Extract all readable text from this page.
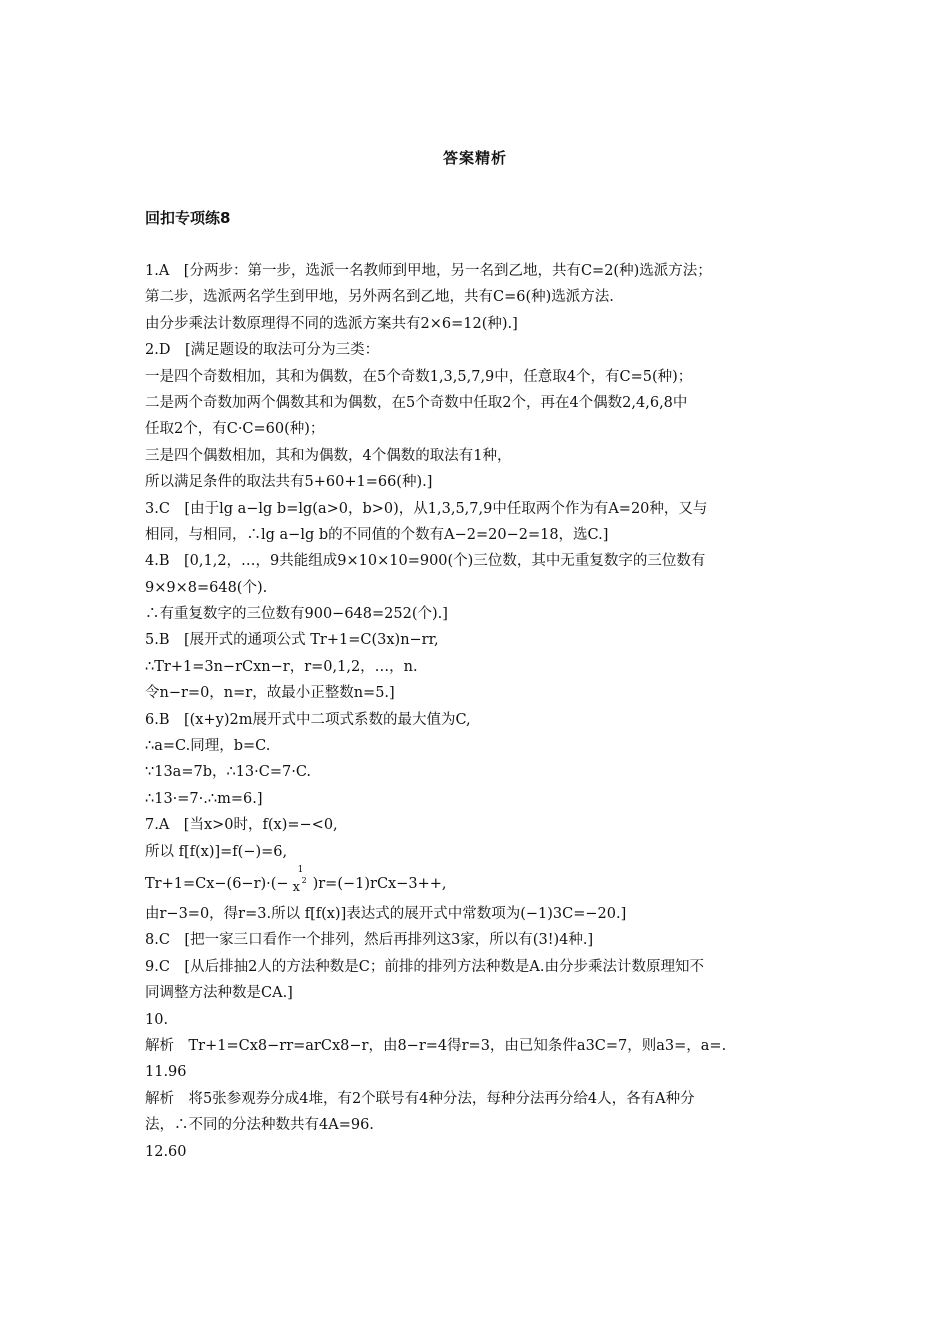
答案精析
回扣专项练8
1.A　[分两步：第一步，选派一名教师到甲地，另一名到乙地，共有C=2(种)选派方法；
第二步，选派两名学生到甲地，另外两名到乙地，共有C=6(种)选派方法.
由分步乘法计数原理得不同的选派方案共有2×6=12(种).]
2.D　[满足题设的取法可分为三类：
一是四个奇数相加，其和为偶数，在5个奇数1,3,5,7,9中，任意取4个，有C=5(种)；
二是两个奇数加两个偶数其和为偶数，在5个奇数中任取2个，再在4个偶数2,4,6,8中
任取2个，有C·C=60(种)；
三是四个偶数相加，其和为偶数，4个偶数的取法有1种，
所以满足条件的取法共有5+60+1=66(种).]
3.C　[由于lg a−lg b=lg(a>0，b>0)，从1,3,5,7,9中任取两个作为有A=20种，又与
相同，与相同，∴lg a−lg b的不同值的个数有A−2=20−2=18，选C.]
4.B　[0,1,2，…，9共能组成9×10×10=900(个)三位数，其中无重复数字的三位数有
9×9×8=648(个).
∴有重复数字的三位数有900−648=252(个).]
5.B　[展开式的通项公式 Tr+1=C(3x)n−rr,
∴Tr+1=3n−rCxn−r，r=0,1,2，…，n.
令n−r=0，n=r，故最小正整数n=5.]
6.B　[(x+y)2m展开式中二项式系数的最大值为C,
∴a=C.同理，b=C.
∵13a=7b，∴13·C=7·C.
∴13·=7·.∴m=6.]
7.A　[当x>0时，f(x)=−<0,
所以 f[f(x)]=f(−)=6,
Tr+1=Cx−(6−r)·(−
1
x 2 )r=(−1)rCx−3++,
由r−3=0，得r=3.所以 f[f(x)]表达式的展开式中常数项为(−1)3C=−20.]
8.C　[把一家三口看作一个排列，然后再排列这3家，所以有(3!)4种.]
9.C　[从后排抽2人的方法种数是C；前排的排列方法种数是A.由分步乘法计数原理知不
同调整方法种数是CA.]
10.
解析　Tr+1=Cx8−rr=arCx8−r，由8−r=4得r=3，由已知条件a3C=7，则a3=，a=.
11.96
解析　将5张参观券分成4堆，有2个联号有4种分法，每种分法再分给4人，各有A种分
法，∴不同的分法种数共有4A=96.
12.60
